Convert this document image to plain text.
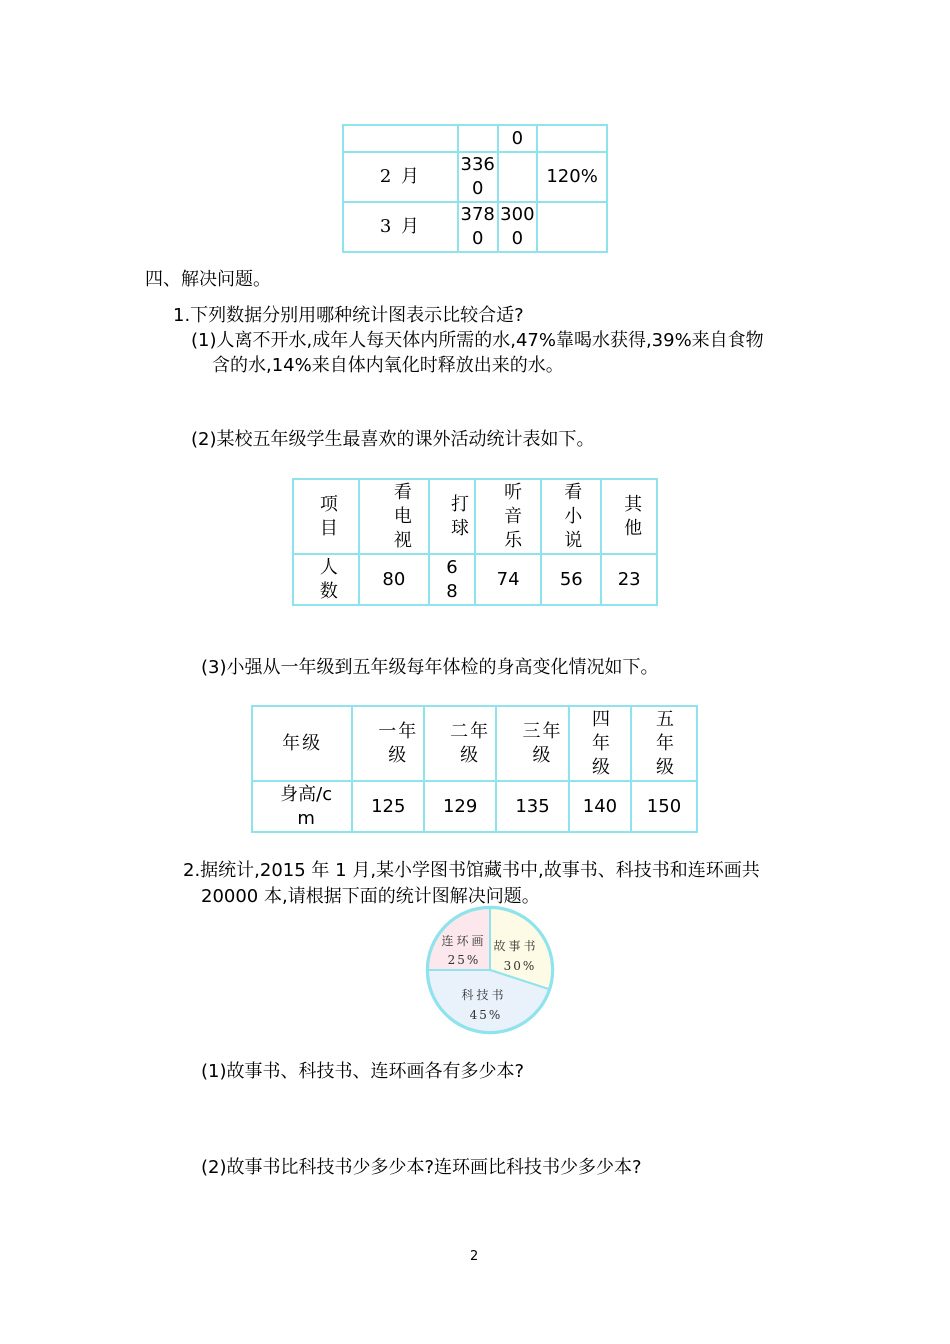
		0	
2 月	3360		120%
3 月	3780	3000	
四、解决问题。
1.下列数据分别用哪种统计图表示比较合适?
(1)人离不开水,成年人每天体内所需的水,47%靠喝水获得,39%来自食物
含的水,14%来自体内氧化时释放出来的水。
(2)某校五年级学生最喜欢的课外活动统计表如下。
项目	看电视	打球	听音乐	看小说	其他
人数	80	68	74	56	23
(3)小强从一年级到五年级每年体检的身高变化情况如下。
年级	一年级	二年级	三年级	四年级	五年级
身高/cm	125	129	135	140	150
2.据统计,2015 年 1 月,某小学图书馆藏书中,故事书、科技书和连环画共
20000 本,请根据下面的统计图解决问题。
故事书
30%
科技书
45%
连环画
25%
(1)故事书、科技书、连环画各有多少本?
(2)故事书比科技书少多少本?连环画比科技书少多少本?
2
